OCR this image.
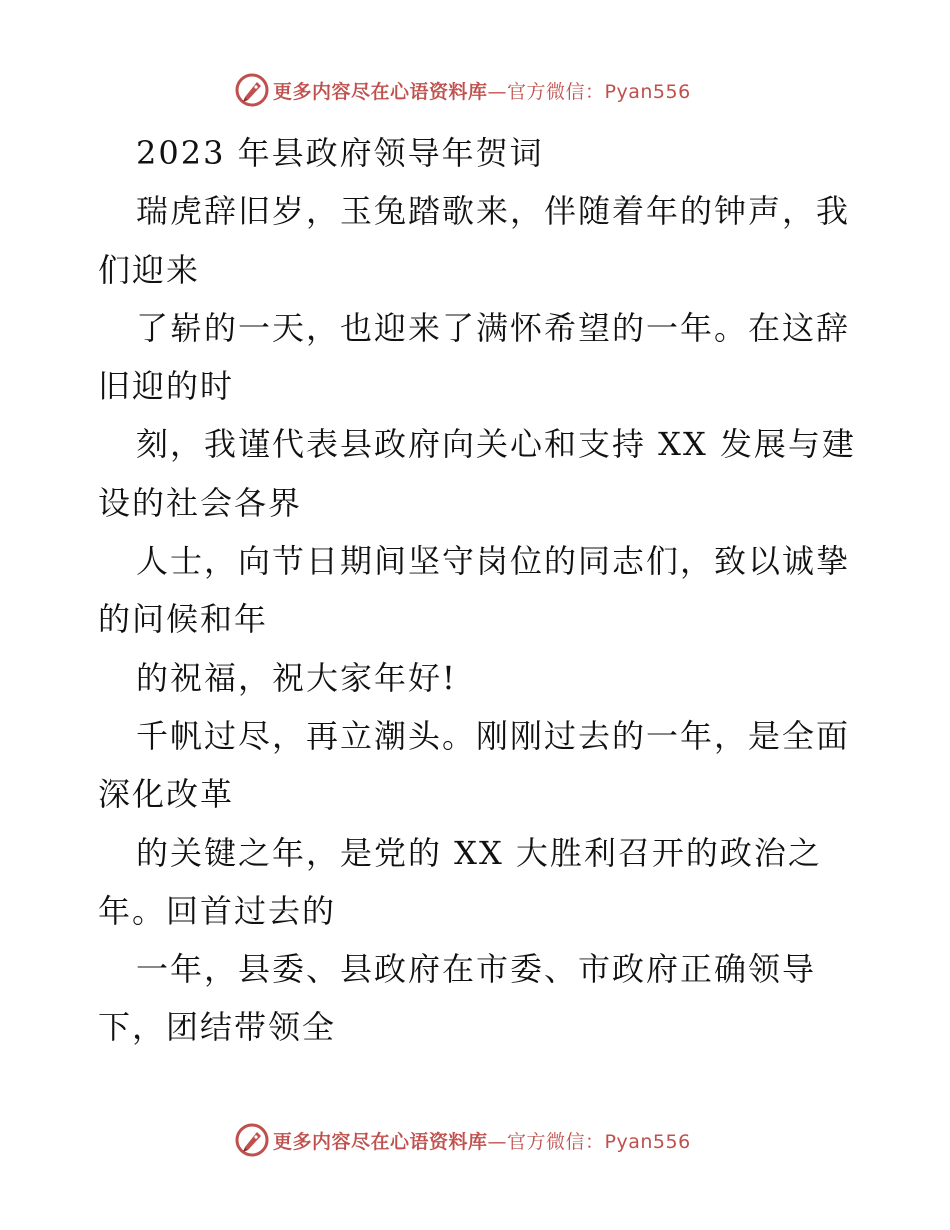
更多内容尽在心语资料库—官方微信：Pyan556
2023 年县政府领导年贺词
瑞虎辞旧岁，玉兔踏歌来，伴随着年的钟声，我
们迎来
了崭的一天，也迎来了满怀希望的一年。在这辞
旧迎的时
刻，我谨代表县政府向关心和支持 XX 发展与建
设的社会各界
人士，向节日期间坚守岗位的同志们，致以诚挚
的问候和年
的祝福，祝大家年好!
千帆过尽，再立潮头。刚刚过去的一年，是全面
深化改革
的关键之年，是党的 XX 大胜利召开的政治之
年。回首过去的
一年，县委、县政府在市委、市政府正确领导
下，团结带领全
更多内容尽在心语资料库—官方微信：Pyan556
